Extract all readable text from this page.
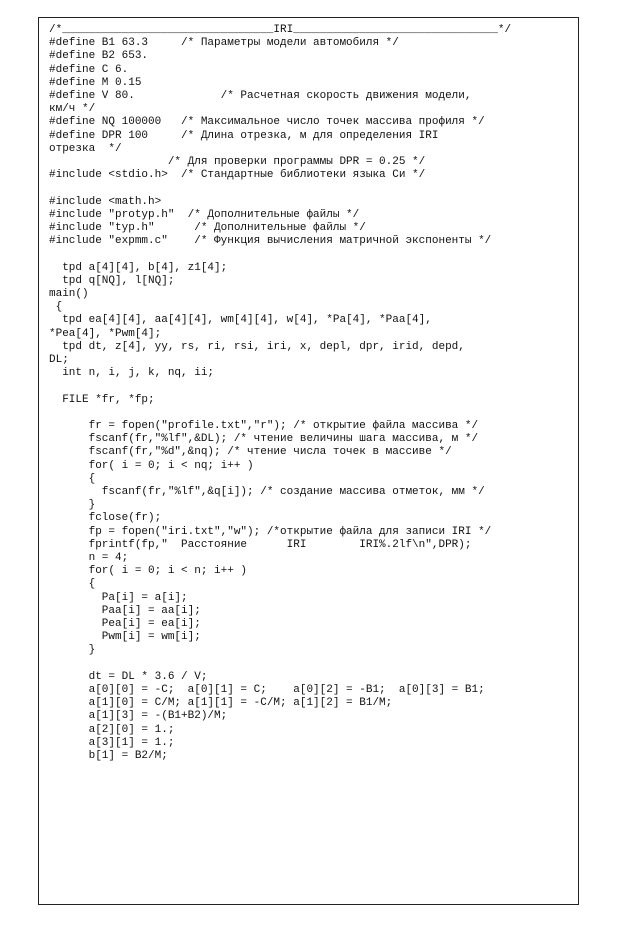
/*________________________________IRI_______________________________*/
#define B1 63.3     /* Параметры модели автомобиля */
#define B2 653.
#define C 6.
#define M 0.15
#define V 80.             /* Расчетная скорость движения модели,
км/ч */
#define NQ 100000   /* Максимальное число точек массива профиля */
#define DPR 100     /* Длина отрезка, м для определения IRI
отрезка  */
/* Для проверки программы DPR = 0.25 */
#include <stdio.h>  /* Стандартные библиотеки языка Си */
#include <math.h>
#include "protyp.h"  /* Дополнительные файлы */
#include "typ.h"      /* Дополнительные файлы */
#include "expmm.c"    /* Функция вычисления матричной экспоненты */
tpd a[4][4], b[4], z1[4];
tpd q[NQ], l[NQ];
main()
{
tpd ea[4][4], aa[4][4], wm[4][4], w[4], *Pa[4], *Paa[4],
*Pea[4], *Pwm[4];
tpd dt, z[4], yy, rs, ri, rsi, iri, x, depl, dpr, irid, depd,
DL;
int n, i, j, k, nq, ii;
FILE *fr, *fp;
fr = fopen("profile.txt","r"); /* открытие файла массива */
fscanf(fr,"%lf",&DL); /* чтение величины шага массива, м */
fscanf(fr,"%d",&nq); /* чтение числа точек в массиве */
for( i = 0; i < nq; i++ )
{
fscanf(fr,"%lf",&q[i]); /* создание массива отметок, мм */
}
fclose(fr);
fp = fopen("iri.txt","w"); /*открытие файла для записи IRI */
fprintf(fp,"  Расстояние      IRI        IRI%.2lf\n",DPR);
n = 4;
for( i = 0; i < n; i++ )
{
Pa[i] = a[i];
Paa[i] = aa[i];
Pea[i] = ea[i];
Pwm[i] = wm[i];
}
dt = DL * 3.6 / V;
a[0][0] = -C;  a[0][1] = C;    a[0][2] = -B1;  a[0][3] = B1;
a[1][0] = C/M; a[1][1] = -C/M; a[1][2] = B1/M;
a[1][3] = -(B1+B2)/M;
a[2][0] = 1.;
a[3][1] = 1.;
b[1] = B2/M;
